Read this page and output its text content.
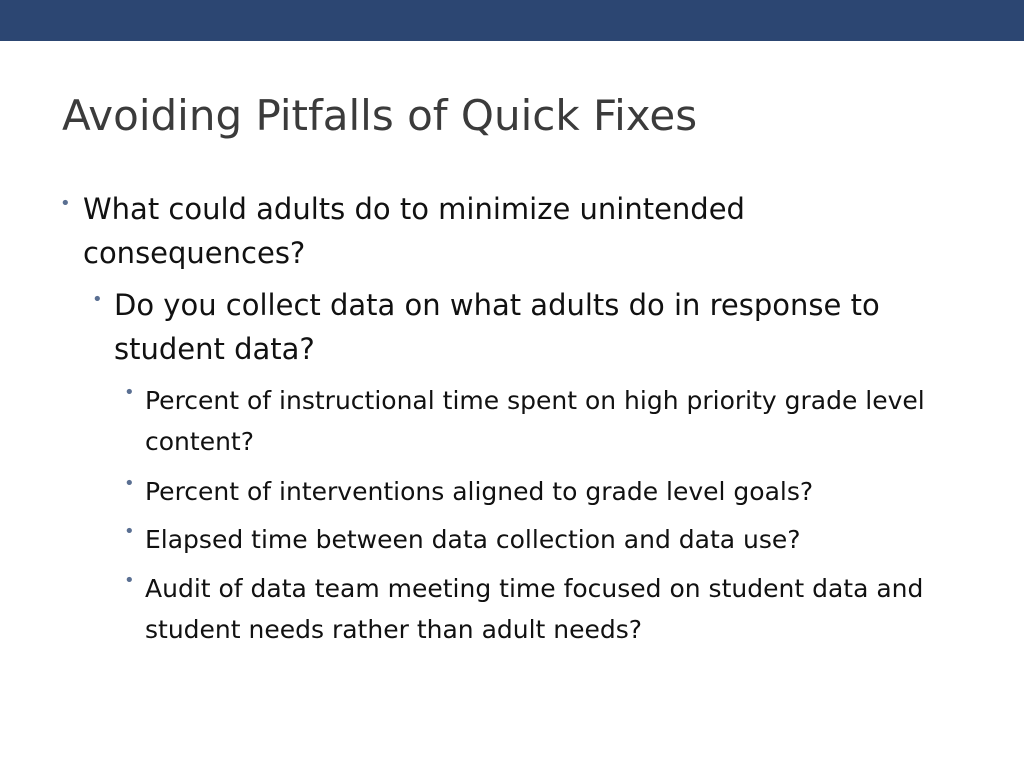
Avoiding Pitfalls of Quick Fixes
• What could adults do to minimize unintended consequences?
• Do you collect data on what adults do in response to student data?
• Percent of instructional time spent on high priority grade level content?
• Percent of interventions aligned to grade level goals?
• Elapsed time between data collection and data use?
• Audit of data team meeting time focused on student data and student needs rather than adult needs?
